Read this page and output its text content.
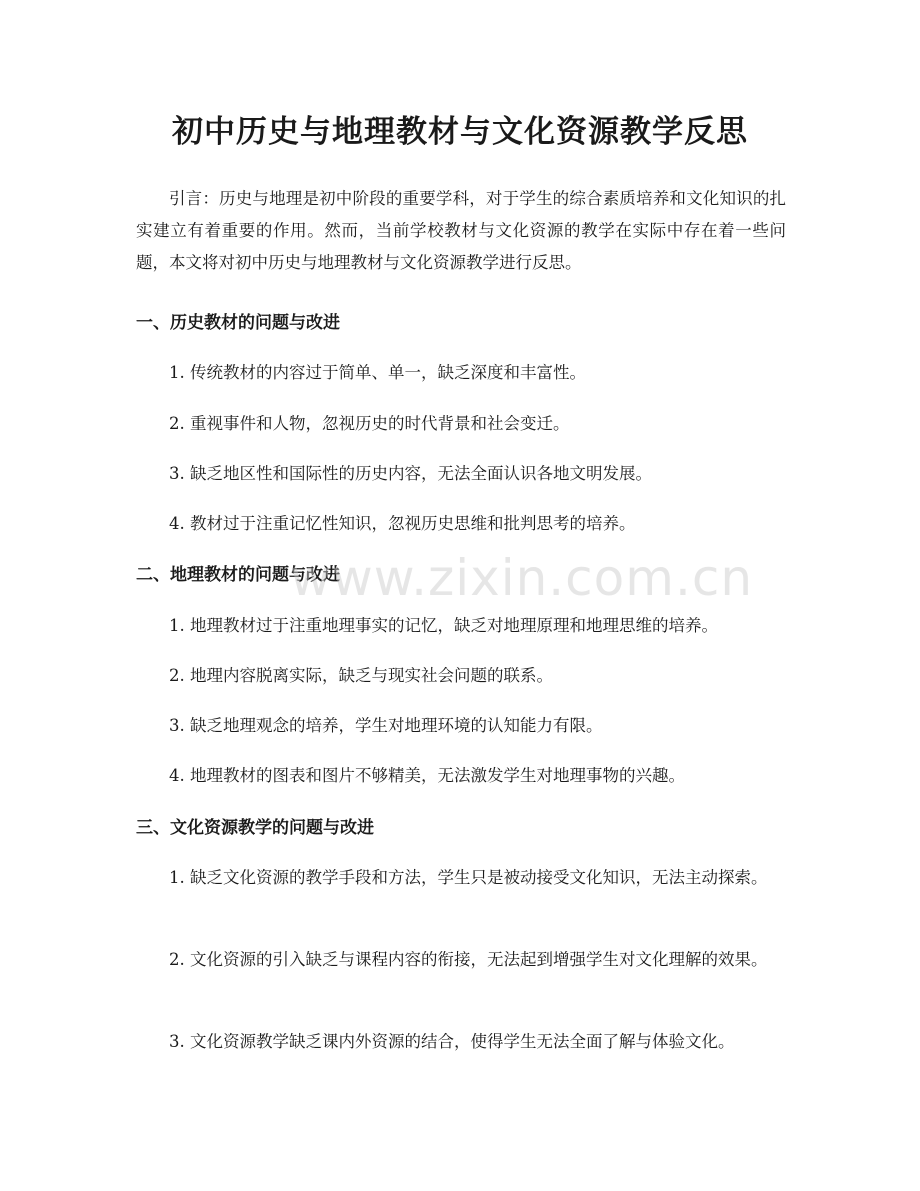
初中历史与地理教材与文化资源教学反思

引言：历史与地理是初中阶段的重要学科，对于学生的综合素质培养和文化知识的扎实建立有着重要的作用。然而，当前学校教材与文化资源的教学在实际中存在着一些问题，本文将对初中历史与地理教材与文化资源教学进行反思。

一、历史教材的问题与改进

1. 传统教材的内容过于简单、单一，缺乏深度和丰富性。

2. 重视事件和人物，忽视历史的时代背景和社会变迁。

3. 缺乏地区性和国际性的历史内容，无法全面认识各地文明发展。

4. 教材过于注重记忆性知识，忽视历史思维和批判思考的培养。

二、地理教材的问题与改进

1. 地理教材过于注重地理事实的记忆，缺乏对地理原理和地理思维的培养。

2. 地理内容脱离实际，缺乏与现实社会问题的联系。

3. 缺乏地理观念的培养，学生对地理环境的认知能力有限。

4. 地理教材的图表和图片不够精美，无法激发学生对地理事物的兴趣。

三、文化资源教学的问题与改进

1. 缺乏文化资源的教学手段和方法，学生只是被动接受文化知识，无法主动探索。

2. 文化资源的引入缺乏与课程内容的衔接，无法起到增强学生对文化理解的效果。

3. 文化资源教学缺乏课内外资源的结合，使得学生无法全面了解与体验文化。

www.zixin.com.cn
